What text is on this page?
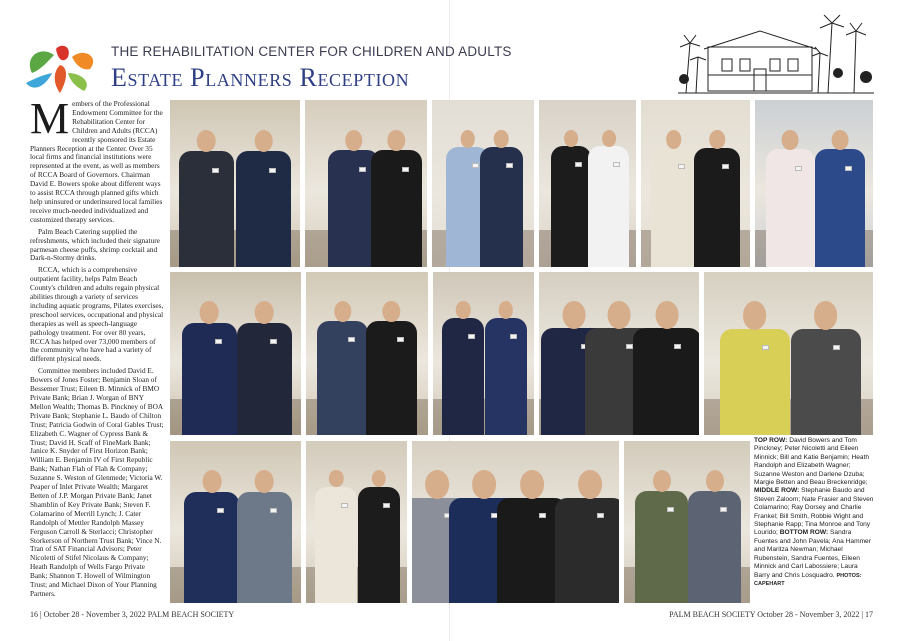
THE REHABILITATION CENTER FOR CHILDREN AND ADULTS
Estate Planners Reception

Members of the Professional Endowment Committee for the Rehabilitation Center for Children and Adults (RCCA) recently sponsored its Estate Planners Reception at the Center. Over 35 local firms and financial institutions were represented at the event, as well as members of RCCA Board of Governors. Chairman David E. Bowers spoke about different ways to assist RCCA through planned gifts which help uninsured or underinsured local families receive much-needed individualized and customized therapy services.

Palm Beach Catering supplied the refreshments, which included their signature parmesan cheese puffs, shrimp cocktail and Dark-n-Stormy drinks.

RCCA, which is a comprehensive outpatient facility, helps Palm Beach County's children and adults regain physical abilities through a variety of services including aquatic programs, Pilates exercises, preschool services, occupational and physical therapies as well as speech-language pathology treatment. For over 80 years, RCCA has helped over 73,000 members of the community who have had a variety of different physical needs.

Committee members included David E. Bowers of Jones Foster; Benjamin Sloan of Bessemer Trust; Eileen B. Minnick of BMO Private Bank; Brian J. Worgan of BNY Mellon Wealth; Thomas B. Pinckney of BOA Private Bank; Stephanie L. Baudo of Chilton Trust; Patricia Godwin of Coral Gables Trust; Elizabeth C. Wagner of Cypress Bank & Trust; David H. Scaff of FineMark Bank; Janice K. Snyder of First Horizon Bank; William E. Benjamin IV of First Republic Bank; Nathan Flah of Flah & Company; Suzanne S. Weston of Glenmede; Victoria W. Peaper of Inlet Private Wealth; Margaret Betten of J.P. Morgan Private Bank; Janet Shamblin of Key Private Bank; Steven F. Colamarino of Merrill Lynch; J. Cater Randolph of Mettler Randolph Massey Ferguson Carroll & Sterlacci; Christopher Storkerson of Northern Trust Bank; Vince N. Tran of SAT Financial Advisors; Peter Nicoletti of Stifel Nicolaus & Company; Heath Randolph of Wells Fargo Private Bank; Shannon T. Howell of Wilmington Trust; and Michael Dixon of Your Planning Partners.

TOP ROW: David Bowers and Tom Pinckney; Peter Nicoletti and Eileen Minnick; Bill and Katie Benjamin; Heath Randolph and Elizabeth Wagner; Suzanne Weston and Darlene Dzuba; Margie Betten and Beau Breckenridge; MIDDLE ROW: Stephanie Baudo and Steven Zaloom; Nate Frasier and Steven Colamarino; Ray Dorsey and Charlie Frankel; Bill Smith, Robbie Wight and Stephanie Rapp; Tina Monroe and Tony Lourido; BOTTOM ROW: Sandra Fuentes and John Pavela; Ana Hammer and Maritza Newman; Michael Rubenstein, Sandra Fuentes, Eileen Minnick and Carl Labossiere; Laura Barry and Chris Losquadro. PHOTOS: CAPEHART
16 | October 28 - November 3, 2022 PALM BEACH SOCIETY	PALM BEACH SOCIETY October 28 - November 3, 2022 | 17
